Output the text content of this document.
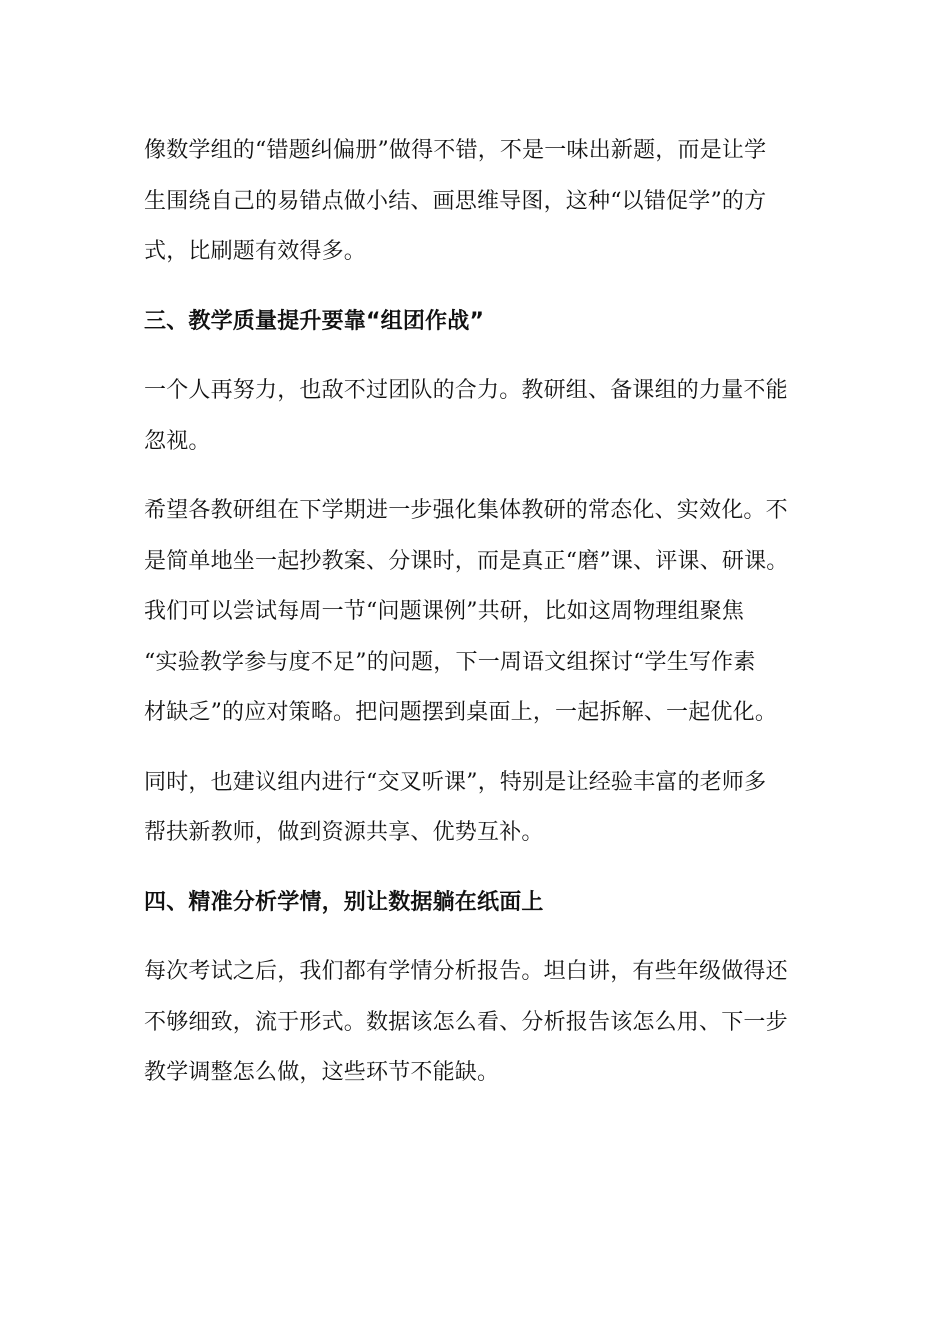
像数学组的“错题纠偏册”做得不错，不是一味出新题，而是让学
生围绕自己的易错点做小结、画思维导图，这种“以错促学”的方
式，比刷题有效得多。
三、教学质量提升要靠“组团作战”
一个人再努力，也敌不过团队的合力。教研组、备课组的力量不能
忽视。
希望各教研组在下学期进一步强化集体教研的常态化、实效化。不
是简单地坐一起抄教案、分课时，而是真正“磨”课、评课、研课。
我们可以尝试每周一节“问题课例”共研，比如这周物理组聚焦
“实验教学参与度不足”的问题，下一周语文组探讨“学生写作素
材缺乏”的应对策略。把问题摆到桌面上，一起拆解、一起优化。
同时，也建议组内进行“交叉听课”，特别是让经验丰富的老师多
帮扶新教师，做到资源共享、优势互补。
四、精准分析学情，别让数据躺在纸面上
每次考试之后，我们都有学情分析报告。坦白讲，有些年级做得还
不够细致，流于形式。数据该怎么看、分析报告该怎么用、下一步
教学调整怎么做，这些环节不能缺。
